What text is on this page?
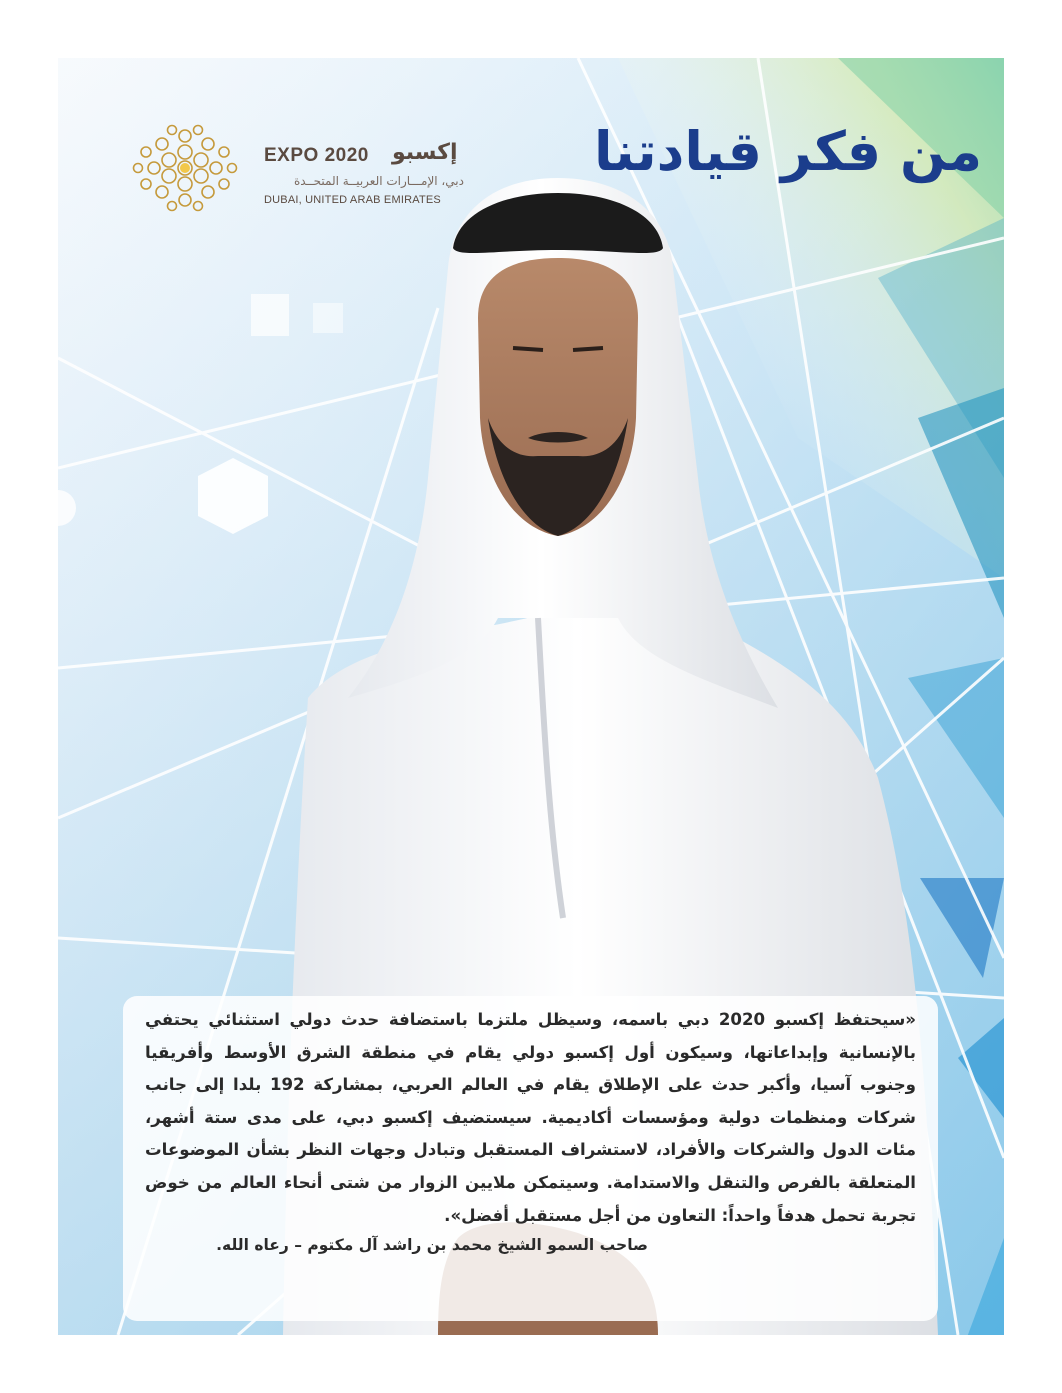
من فكر قيادتنا
EXPO 2020 إكسبو
دبي، الإمـــارات العربيــة المتحــدة
DUBAI, UNITED ARAB EMIRATES
«سيحتفظ إكسبو 2020 دبي باسمه، وسيظل ملتزما باستضافة حدث دولي استثنائي يحتفي بالإنسانية وإبداعاتها، وسيكون أول إكسبو دولي يقام في منطقة الشرق الأوسط وأفريقيا وجنوب آسيا، وأكبر حدث على الإطلاق يقام في العالم العربي، بمشاركة 192 بلدا إلى جانب شركات ومنظمات دولية ومؤسسات أكاديمية. سيستضيف إكسبو دبي، على مدى ستة أشهر، مئات الدول والشركات والأفراد، لاستشراف المستقبل وتبادل وجهات النظر بشأن الموضوعات المتعلقة بالفرص والتنقل والاستدامة. وسيتمكن ملايين الزوار من شتى أنحاء العالم من خوض تجربة تحمل هدفاً واحداً: التعاون من أجل مستقبل أفضل».
صاحب السمو الشيخ محمد بن راشد آل مكتوم – رعاه الله.
